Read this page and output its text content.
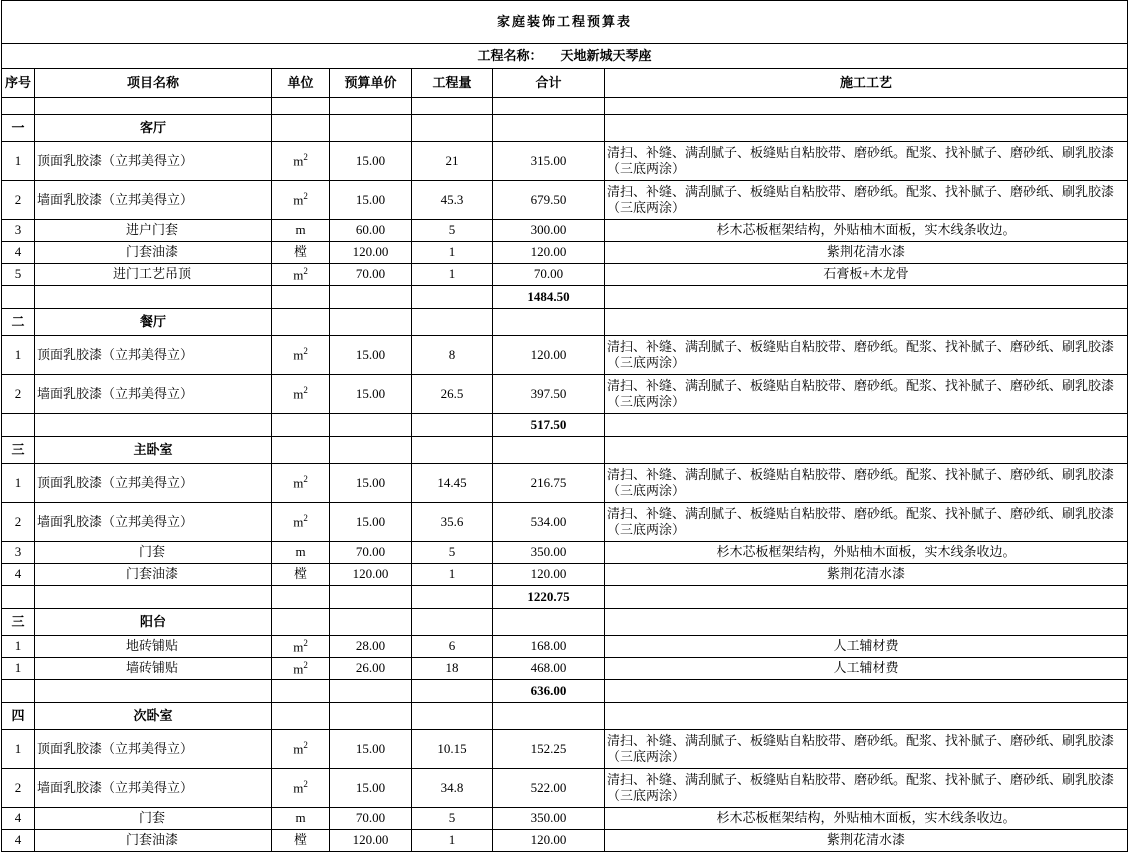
家庭装饰工程预算表						
工程名称： 天地新城天琴座						
序号	项目名称	单位	预算单价	工程量	合计	施工工艺

一	客厅					
1	顶面乳胶漆（立邦美得立）	$m^2$	15.00	21	315.00	清扫、补缝、满刮腻子、板缝贴自粘胶带、磨砂纸。配浆、找补腻子、磨砂纸、刷乳胶漆（三底两涂）
2	墙面乳胶漆（立邦美得立）	$m^2$	15.00	45.3	679.50	清扫、补缝、满刮腻子、板缝贴自粘胶带、磨砂纸。配浆、找补腻子、磨砂纸、刷乳胶漆（三底两涂）
3	进户门套	m	60.00	5	300.00	杉木芯板框架结构，外贴柚木面板，实木线条收边。
4	门套油漆	樘	120.00	1	120.00	紫荆花清水漆
5	进门工艺吊顶	$m^2$	70.00	1	70.00	石膏板+木龙骨
					1484.50	
二	餐厅					
1	顶面乳胶漆（立邦美得立）	$m^2$	15.00	8	120.00	清扫、补缝、满刮腻子、板缝贴自粘胶带、磨砂纸。配浆、找补腻子、磨砂纸、刷乳胶漆（三底两涂）
2	墙面乳胶漆（立邦美得立）	$m^2$	15.00	26.5	397.50	清扫、补缝、满刮腻子、板缝贴自粘胶带、磨砂纸。配浆、找补腻子、磨砂纸、刷乳胶漆（三底两涂）
					517.50	
三	主卧室					
1	顶面乳胶漆（立邦美得立）	$m^2$	15.00	14.45	216.75	清扫、补缝、满刮腻子、板缝贴自粘胶带、磨砂纸。配浆、找补腻子、磨砂纸、刷乳胶漆（三底两涂）
2	墙面乳胶漆（立邦美得立）	$m^2$	15.00	35.6	534.00	清扫、补缝、满刮腻子、板缝贴自粘胶带、磨砂纸。配浆、找补腻子、磨砂纸、刷乳胶漆（三底两涂）
3	门套	m	70.00	5	350.00	杉木芯板框架结构，外贴柚木面板，实木线条收边。
4	门套油漆	樘	120.00	1	120.00	紫荆花清水漆
					1220.75	
三	阳台					
1	地砖铺贴	$m^2$	28.00	6	168.00	人工辅材费
1	墙砖铺贴	$m^2$	26.00	18	468.00	人工辅材费
					636.00	
四	次卧室					
1	顶面乳胶漆（立邦美得立）	$m^2$	15.00	10.15	152.25	清扫、补缝、满刮腻子、板缝贴自粘胶带、磨砂纸。配浆、找补腻子、磨砂纸、刷乳胶漆（三底两涂）
2	墙面乳胶漆（立邦美得立）	$m^2$	15.00	34.8	522.00	清扫、补缝、满刮腻子、板缝贴自粘胶带、磨砂纸。配浆、找补腻子、磨砂纸、刷乳胶漆（三底两涂）
4	门套	m	70.00	5	350.00	杉木芯板框架结构，外贴柚木面板，实木线条收边。
4	门套油漆	樘	120.00	1	120.00	紫荆花清水漆
